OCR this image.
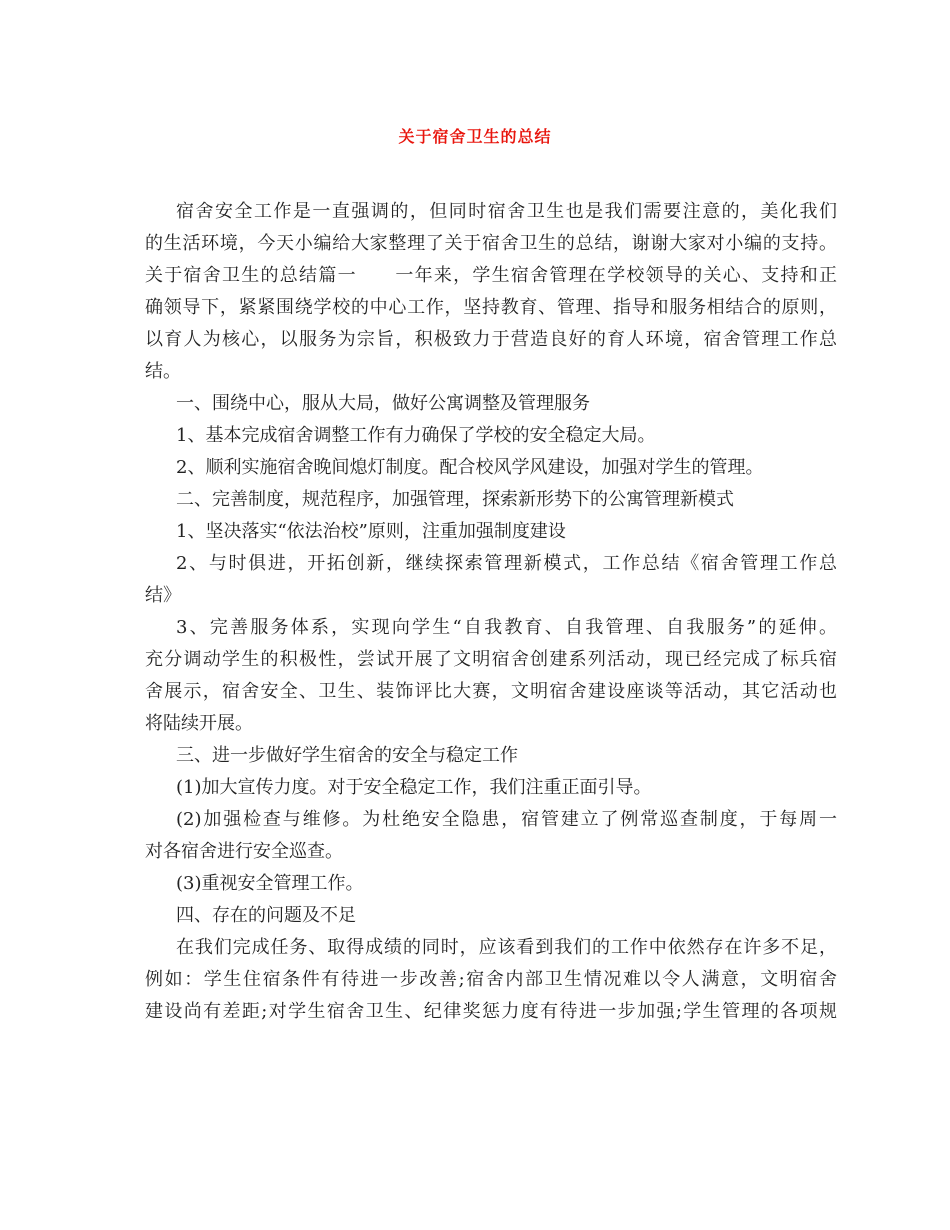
关于宿舍卫生的总结
宿舍安全工作是一直强调的，但同时宿舍卫生也是我们需要注意的，美化我们
的生活环境，今天小编给大家整理了关于宿舍卫生的总结，谢谢大家对小编的支持。
关于宿舍卫生的总结篇一　　一年来，学生宿舍管理在学校领导的关心、支持和正
确领导下，紧紧围绕学校的中心工作，坚持教育、管理、指导和服务相结合的原则，
以育人为核心，以服务为宗旨，积极致力于营造良好的育人环境，宿舍管理工作总
结。
一、围绕中心，服从大局，做好公寓调整及管理服务
1、基本完成宿舍调整工作有力确保了学校的安全稳定大局。
2、顺利实施宿舍晚间熄灯制度。配合校风学风建设，加强对学生的管理。
二、完善制度，规范程序，加强管理，探索新形势下的公寓管理新模式
1、坚决落实“依法治校”原则，注重加强制度建设
2、与时俱进，开拓创新，继续探索管理新模式，工作总结《宿舍管理工作总
结》
3、完善服务体系，实现向学生“自我教育、自我管理、自我服务”的延伸。
充分调动学生的积极性，尝试开展了文明宿舍创建系列活动，现已经完成了标兵宿
舍展示，宿舍安全、卫生、装饰评比大赛，文明宿舍建设座谈等活动，其它活动也
将陆续开展。
三、进一步做好学生宿舍的安全与稳定工作
(1)加大宣传力度。对于安全稳定工作，我们注重正面引导。
(2)加强检查与维修。为杜绝安全隐患，宿管建立了例常巡查制度，于每周一
对各宿舍进行安全巡查。
(3)重视安全管理工作。
四、存在的问题及不足
在我们完成任务、取得成绩的同时，应该看到我们的工作中依然存在许多不足，
例如：学生住宿条件有待进一步改善;宿舍内部卫生情况难以令人满意，文明宿舍
建设尚有差距;对学生宿舍卫生、纪律奖惩力度有待进一步加强;学生管理的各项规
